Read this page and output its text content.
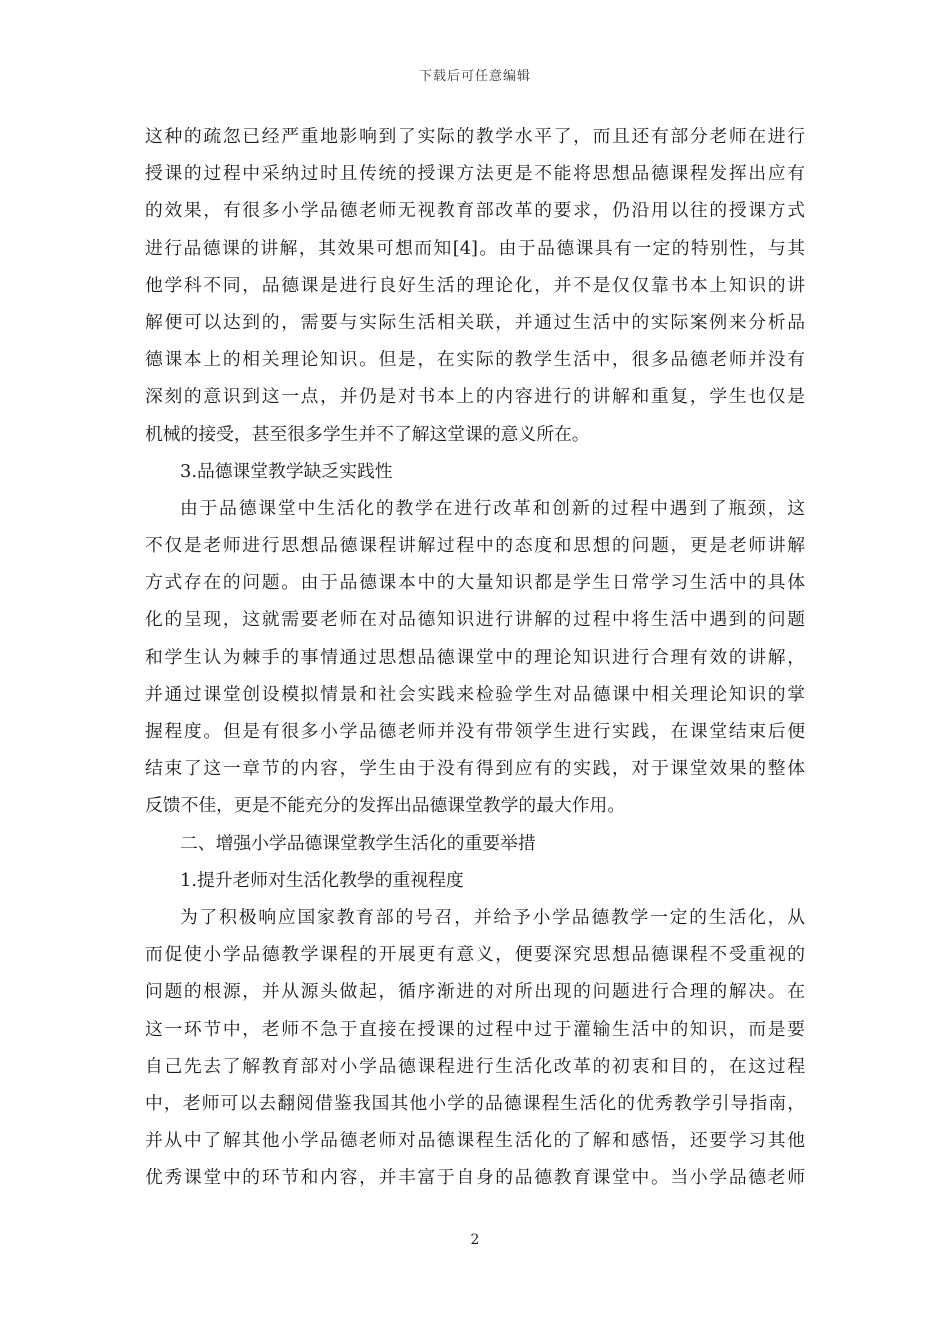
下载后可任意编辑
这种的疏忽已经严重地影响到了实际的教学水平了，而且还有部分老师在进行
授课的过程中采纳过时且传统的授课方法更是不能将思想品德课程发挥出应有
的效果，有很多小学品德老师无视教育部改革的要求，仍沿用以往的授课方式
进行品德课的讲解，其效果可想而知[4]。由于品德课具有一定的特别性，与其
他学科不同，品德课是进行良好生活的理论化，并不是仅仅靠书本上知识的讲
解便可以达到的，需要与实际生活相关联，并通过生活中的实际案例来分析品
德课本上的相关理论知识。但是，在实际的教学生活中，很多品德老师并没有
深刻的意识到这一点，并仍是对书本上的内容进行的讲解和重复，学生也仅是
机械的接受，甚至很多学生并不了解这堂课的意义所在。
3.品德课堂教学缺乏实践性
由于品德课堂中生活化的教学在进行改革和创新的过程中遇到了瓶颈，这
不仅是老师进行思想品德课程讲解过程中的态度和思想的问题，更是老师讲解
方式存在的问题。由于品德课本中的大量知识都是学生日常学习生活中的具体
化的呈现，这就需要老师在对品德知识进行讲解的过程中将生活中遇到的问题
和学生认为棘手的事情通过思想品德课堂中的理论知识进行合理有效的讲解，
并通过课堂创设模拟情景和社会实践来检验学生对品德课中相关理论知识的掌
握程度。但是有很多小学品德老师并没有带领学生进行实践，在课堂结束后便
结束了这一章节的内容，学生由于没有得到应有的实践，对于课堂效果的整体
反馈不佳，更是不能充分的发挥出品德课堂教学的最大作用。
二、增强小学品德课堂教学生活化的重要举措
1.提升老师对生活化教學的重视程度
为了积极响应国家教育部的号召，并给予小学品德教学一定的生活化，从
而促使小学品德教学课程的开展更有意义，便要深究思想品德课程不受重视的
问题的根源，并从源头做起，循序渐进的对所出现的问题进行合理的解决。在
这一环节中，老师不急于直接在授课的过程中过于灌输生活中的知识，而是要
自己先去了解教育部对小学品德课程进行生活化改革的初衷和目的，在这过程
中，老师可以去翻阅借鉴我国其他小学的品德课程生活化的优秀教学引导指南，
并从中了解其他小学品德老师对品德课程生活化的了解和感悟，还要学习其他
优秀课堂中的环节和内容，并丰富于自身的品德教育课堂中。当小学品德老师
2
